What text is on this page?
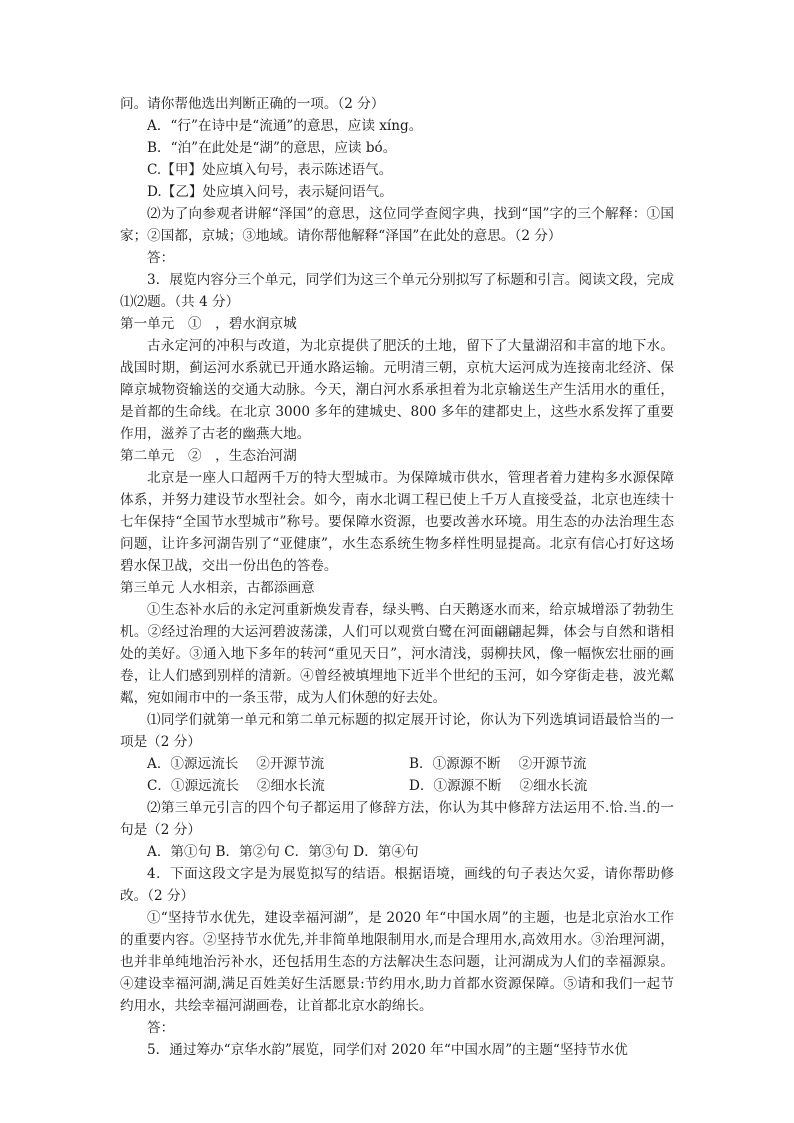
问。请你帮他选出判断正确的一项。（2 分）

A．“行”在诗中是“流通”的意思，应读 xíng。

B．“泊”在此处是“湖”的意思，应读 bó。

C.【甲】处应填入句号，表示陈述语气。

D.【乙】处应填入问号，表示疑问语气。

⑵为了向参观者讲解“泽国”的意思，这位同学查阅字典，找到“国”字的三个解释：①国家；②国都，京城；③地域。请你帮他解释“泽国”在此处的意思。（2 分）

答：

3．展览内容分三个单元，同学们为这三个单元分别拟写了标题和引言。阅读文段，完成⑴⑵题。（共 4 分）

第一单元　①　，碧水润京城

古永定河的冲积与改道，为北京提供了肥沃的土地，留下了大量湖沼和丰富的地下水。战国时期，蓟运河水系就已开通水路运输。元明清三朝，京杭大运河成为连接南北经济、保障京城物资输送的交通大动脉。今天，潮白河水系承担着为北京输送生产生活用水的重任，是首都的生命线。在北京 3000 多年的建城史、800 多年的建都史上，这些水系发挥了重要作用，滋养了古老的幽燕大地。

第二单元　②　，生态治河湖

北京是一座人口超两千万的特大型城市。为保障城市供水，管理者着力建构多水源保障体系，并努力建设节水型社会。如今，南水北调工程已使上千万人直接受益，北京也连续十七年保持“全国节水型城市”称号。要保障水资源，也要改善水环境。用生态的办法治理生态问题，让许多河湖告别了“亚健康”，水生态系统生物多样性明显提高。北京有信心打好这场碧水保卫战，交出一份出色的答卷。

第三单元 人水相亲，古都添画意

①生态补水后的永定河重新焕发青春，绿头鸭、白天鹅逐水而来，给京城增添了勃勃生机。②经过治理的大运河碧波荡漾，人们可以观赏白鹭在河面翩翩起舞，体会与自然和谐相处的美好。③通入地下多年的转河“重见天日”，河水清浅，弱柳扶风，像一幅恢宏壮丽的画卷，让人们感到别样的清新。④曾经被填埋地下近半个世纪的玉河，如今穿街走巷，波光粼粼，宛如闹市中的一条玉带，成为人们休憩的好去处。

⑴同学们就第一单元和第二单元标题的拟定展开讨论，你认为下列选填词语最恰当的一项是（2 分）

A．①源远流长　 ②开源节流	B．①源源不断　 ②开源节流
C．①源远流长　 ②细水长流	D．①源源不断　 ②细水长流

⑵第三单元引言的四个句子都运用了修辞方法，你认为其中修辞方法运用不.恰.当.的一句是（2 分）

A．第①句 B．第②句 C．第③句 D．第④句

4．下面这段文字是为展览拟写的结语。根据语境，画线的句子表达欠妥，请你帮助修改。（2 分）

①“坚持节水优先，建设幸福河湖”，是 2020 年“中国水周”的主题，也是北京治水工作的重要内容。②坚持节水优先,并非简单地限制用水,而是合理用水,高效用水。③治理河湖，也并非单纯地治污补水，还包括用生态的方法解决生态问题，让河湖成为人们的幸福源泉。④建设幸福河湖,满足百姓美好生活愿景:节约用水,助力首都水资源保障。⑤请和我们一起节约用水，共绘幸福河湖画卷，让首都北京水韵绵长。

答：

5．通过筹办“京华水韵”展览，同学们对 2020 年“中国水周”的主题“坚持节水优
